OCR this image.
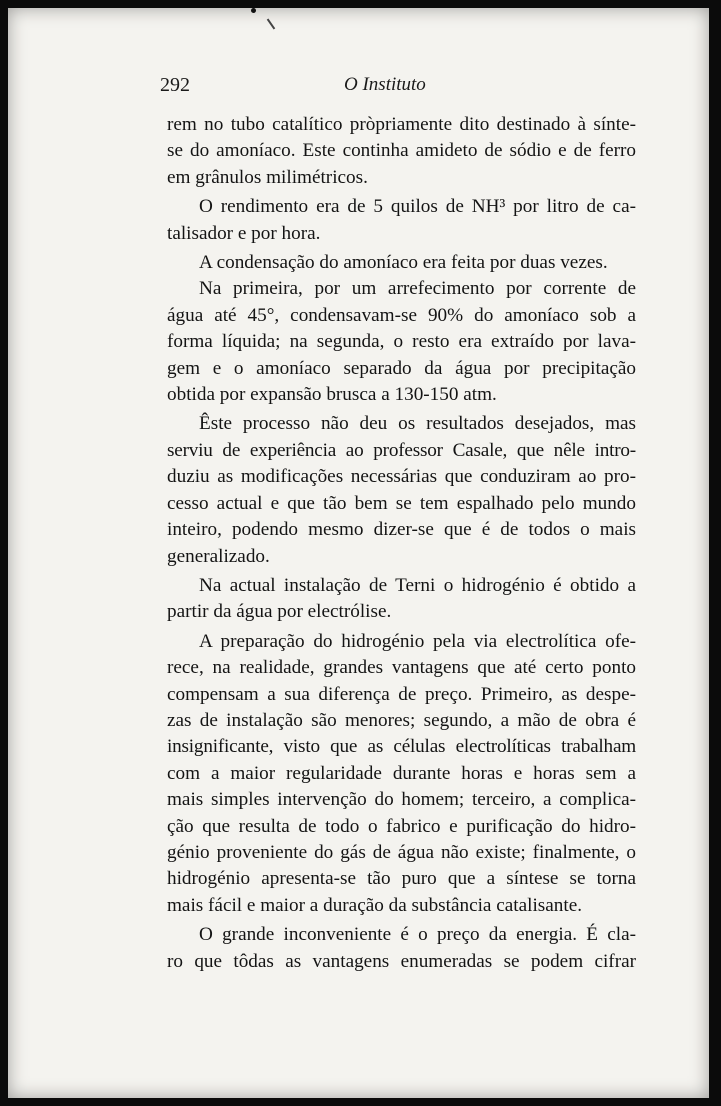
292	O Instituto
rem no tubo catalítico pròpriamente dito destinado à sínte-
se do amoníaco. Este continha amideto de sódio e de ferro
em grânulos milimétricos.
O rendimento era de 5 quilos de NH³ por litro de ca-
talisador e por hora.
A condensação do amoníaco era feita por duas vezes.
Na primeira, por um arrefecimento por corrente de
água até 45°, condensavam-se 90% do amoníaco sob a
forma líquida; na segunda, o resto era extraído por lava-
gem e o amoníaco separado da água por precipitação
obtida por expansão brusca a 130-150 atm.
Êste processo não deu os resultados desejados, mas
serviu de experiência ao professor Casale, que nêle intro-
duziu as modificações necessárias que conduziram ao pro-
cesso actual e que tão bem se tem espalhado pelo mundo
inteiro, podendo mesmo dizer-se que é de todos o mais
generalizado.
Na actual instalação de Terni o hidrogénio é obtido a
partir da água por electrólise.
A preparação do hidrogénio pela via electrolítica ofe-
rece, na realidade, grandes vantagens que até certo ponto
compensam a sua diferença de preço. Primeiro, as despe-
zas de instalação são menores; segundo, a mão de obra é
insignificante, visto que as células electrolíticas trabalham
com a maior regularidade durante horas e horas sem a
mais simples intervenção do homem; terceiro, a complica-
ção que resulta de todo o fabrico e purificação do hidro-
génio proveniente do gás de água não existe; finalmente, o
hidrogénio apresenta-se tão puro que a síntese se torna
mais fácil e maior a duração da substância catalisante.
O grande inconveniente é o preço da energia. É cla-
ro que tôdas as vantagens enumeradas se podem cifrar
